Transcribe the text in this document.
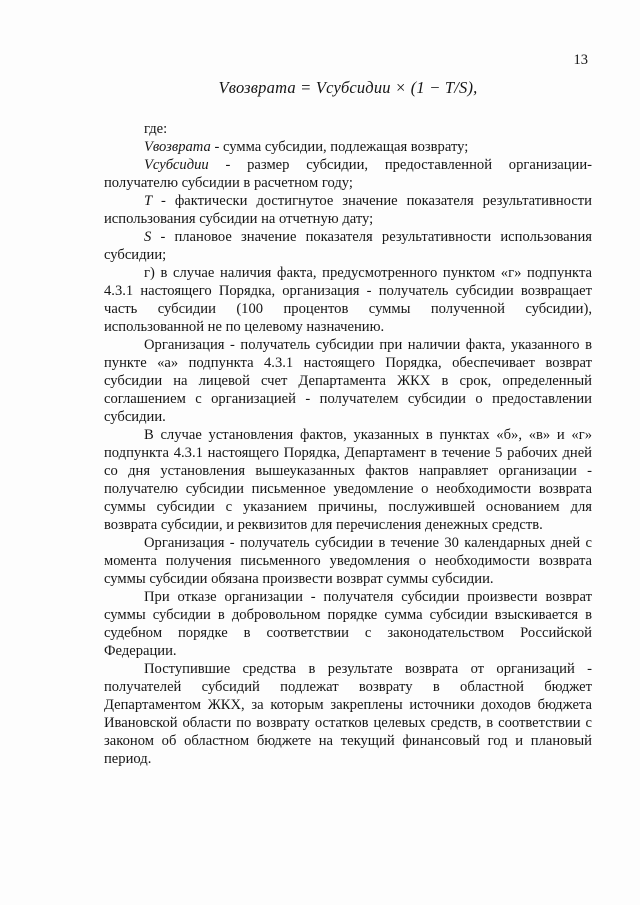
13
Vвозврата = Vсубсидии × (1 − T/S),

где:

Vвозврата - сумма субсидии, подлежащая возврату;

Vсубсидии - размер субсидии, предоставленной организации-получателю субсидии в расчетном году;

T - фактически достигнутое значение показателя результативности использования субсидии на отчетную дату;

S - плановое значение показателя результативности использования субсидии;

г) в случае наличия факта, предусмотренного пунктом «г» подпункта 4.3.1 настоящего Порядка, организация - получатель субсидии возвращает часть субсидии (100 процентов суммы полученной субсидии), использованной не по целевому назначению.

Организация - получатель субсидии при наличии факта, указанного в пункте «а» подпункта 4.3.1 настоящего Порядка, обеспечивает возврат субсидии на лицевой счет Департамента ЖКХ в срок, определенный соглашением с организацией - получателем субсидии о предоставлении субсидии.

В случае установления фактов, указанных в пунктах «б», «в» и «г» подпункта 4.3.1 настоящего Порядка, Департамент в течение 5 рабочих дней со дня установления вышеуказанных фактов направляет организации - получателю субсидии письменное уведомление о необходимости возврата суммы субсидии с указанием причины, послужившей основанием для возврата субсидии, и реквизитов для перечисления денежных средств.

Организация - получатель субсидии в течение 30 календарных дней с момента получения письменного уведомления о необходимости возврата суммы субсидии обязана произвести возврат суммы субсидии.

При отказе организации - получателя субсидии произвести возврат суммы субсидии в добровольном порядке сумма субсидии взыскивается в судебном порядке в соответствии с законодательством Российской Федерации.

Поступившие средства в результате возврата от организаций - получателей субсидий подлежат возврату в областной бюджет Департаментом ЖКХ, за которым закреплены источники доходов бюджета Ивановской области по возврату остатков целевых средств, в соответствии с законом об областном бюджете на текущий финансовый год и плановый период.
